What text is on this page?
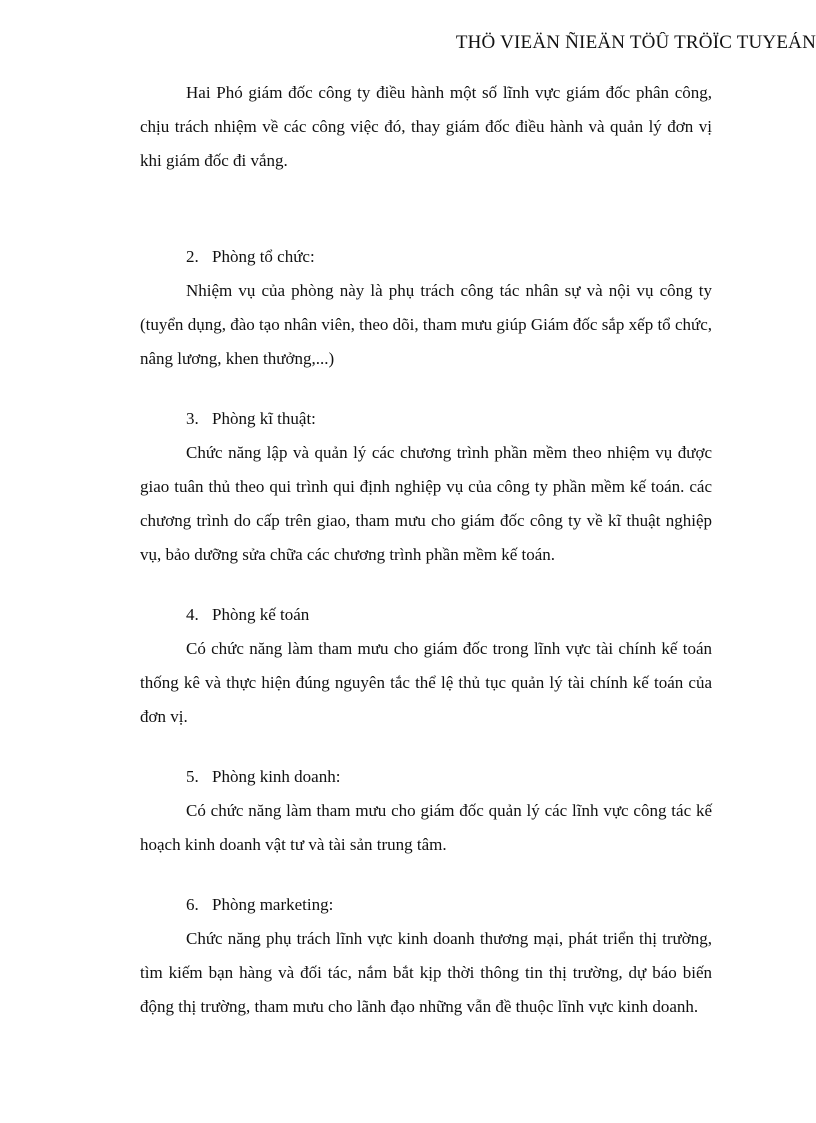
THÖ VIEÄN ÑIEÄN TÖÛ TRÖÏC TUYEÁN

Hai Phó giám đốc công ty điều hành một số lĩnh vực giám đốc phân công, chịu trách nhiệm về các công việc đó, thay giám đốc điều hành và quản lý đơn vị khi giám đốc đi vắng.

2. Phòng tổ chức:

Nhiệm vụ của phòng này là phụ trách công tác nhân sự và nội vụ công ty (tuyển dụng, đào tạo nhân viên, theo dõi, tham mưu giúp Giám đốc sắp xếp tổ chức, nâng lương, khen thưởng,...)

3. Phòng kĩ thuật:

Chức năng lập và quản lý các chương trình phần mềm theo nhiệm vụ được giao tuân thủ theo qui trình qui định nghiệp vụ của công ty phần mềm kế toán. các chương trình do cấp trên giao, tham mưu cho giám đốc công ty về kĩ thuật nghiệp vụ, bảo dưỡng sửa chữa các chương trình phần mềm kế toán.

4. Phòng kế toán

Có chức năng làm tham mưu cho giám đốc trong lĩnh vực tài chính kế toán thống kê và thực hiện đúng nguyên tắc thể lệ thủ tục quản lý tài chính kế toán của đơn vị.

5. Phòng kinh doanh:

Có chức năng làm tham mưu cho giám đốc quản lý các lĩnh vực công tác kế hoạch kinh doanh vật tư và tài sản trung tâm.

6. Phòng marketing:

Chức năng phụ trách lĩnh vực kinh doanh thương mại, phát triển thị trường, tìm kiếm bạn hàng và đối tác, nắm bắt kịp thời thông tin thị trường, dự báo biến động thị trường, tham mưu cho lãnh đạo những vẫn đề thuộc lĩnh vực kinh doanh.
